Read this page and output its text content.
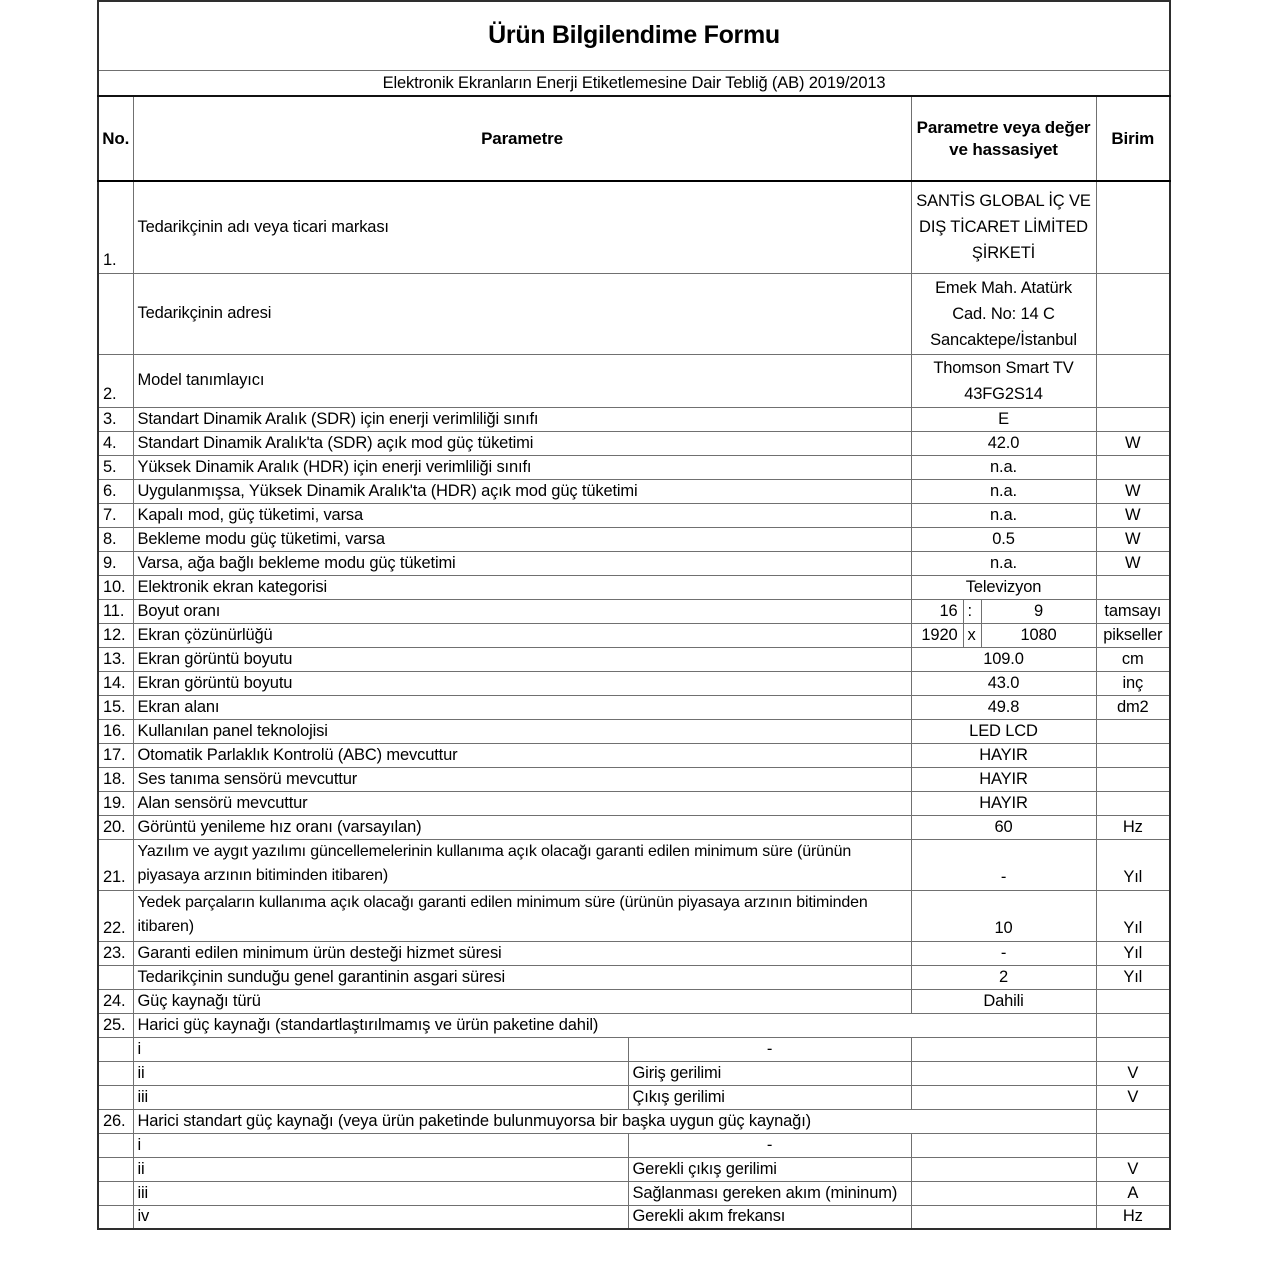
Ürün Bilgilendime Formu						
Elektronik Ekranların Enerji Etiketlemesine Dair Tebliğ (AB) 2019/2013						
No.	Parametre		Parametre veya değer
ve hassasiyet			Birim
1.	Tedarikçinin adı veya ticari markası		SANTİS GLOBAL İÇ VE
DIŞ TİCARET LİMİTED
ŞİRKETİ			

	Tedarikçinin adresi		Emek Mah. Atatürk
Cad. No: 14 C
Sancaktepe/İstanbul			

2.	Model tanımlayıcı		Thomson Smart TV
43FG2S14			

3.	Standart Dinamik Aralık (SDR) için enerji verimliliği sınıfı		E			
4.	Standart Dinamik Aralık'ta (SDR) açık mod güç tüketimi		42.0			W
5.	Yüksek Dinamik Aralık (HDR) için enerji verimliliği sınıfı		n.a.			
6.	Uygulanmışsa, Yüksek Dinamik Aralık'ta (HDR) açık mod güç tüketimi		n.a.			W
7.	Kapalı mod, güç tüketimi, varsa		n.a.			W
8.	Bekleme modu güç tüketimi, varsa		0.5			W
9.	Varsa, ağa bağlı bekleme modu güç tüketimi		n.a.			W
10.	Elektronik ekran kategorisi		Televizyon			
11.	Boyut oranı		16	:	9	tamsayı
12.	Ekran çözünürlüğü		1920	x	1080	pikseller
13.	Ekran görüntü boyutu		109.0			cm
14.	Ekran görüntü boyutu		43.0			inç
15.	Ekran alanı		49.8			dm2
16.	Kullanılan panel teknolojisi		LED LCD			
17.	Otomatik Parlaklık Kontrolü (ABC) mevcuttur		HAYIR			
18.	Ses tanıma sensörü mevcuttur		HAYIR			
19.	Alan sensörü mevcuttur		HAYIR			
20.	Görüntü yenileme hız oranı (varsayılan)		60			Hz
21.	Yazılım ve aygıt yazılımı güncellemelerinin kullanıma açık olacağı garanti edilen minimum süre (ürünün piyasaya arzının bitiminden itibaren)		-			Yıl
22.	Yedek parçaların kullanıma açık olacağı garanti edilen minimum süre (ürünün piyasaya arzının bitiminden itibaren)		10			Yıl
23.	Garanti edilen minimum ürün desteği hizmet süresi		-			Yıl
	Tedarikçinin sunduğu genel garantinin asgari süresi		2			Yıl
24.	Güç kaynağı türü		Dahili			
25.	Harici güç kaynağı (standartlaştırılmamış ve ürün paketine dahil)					
	i	-				
	ii	Giriş gerilimi				V
	iii	Çıkış gerilimi				V
26.	Harici standart güç kaynağı (veya ürün paketinde bulunmuyorsa bir başka uygun güç kaynağı)					
	i	-				
	ii	Gerekli çıkış gerilimi				V
	iii	Sağlanması gereken akım (mininum)				A
	iv	Gerekli akım frekansı				Hz
